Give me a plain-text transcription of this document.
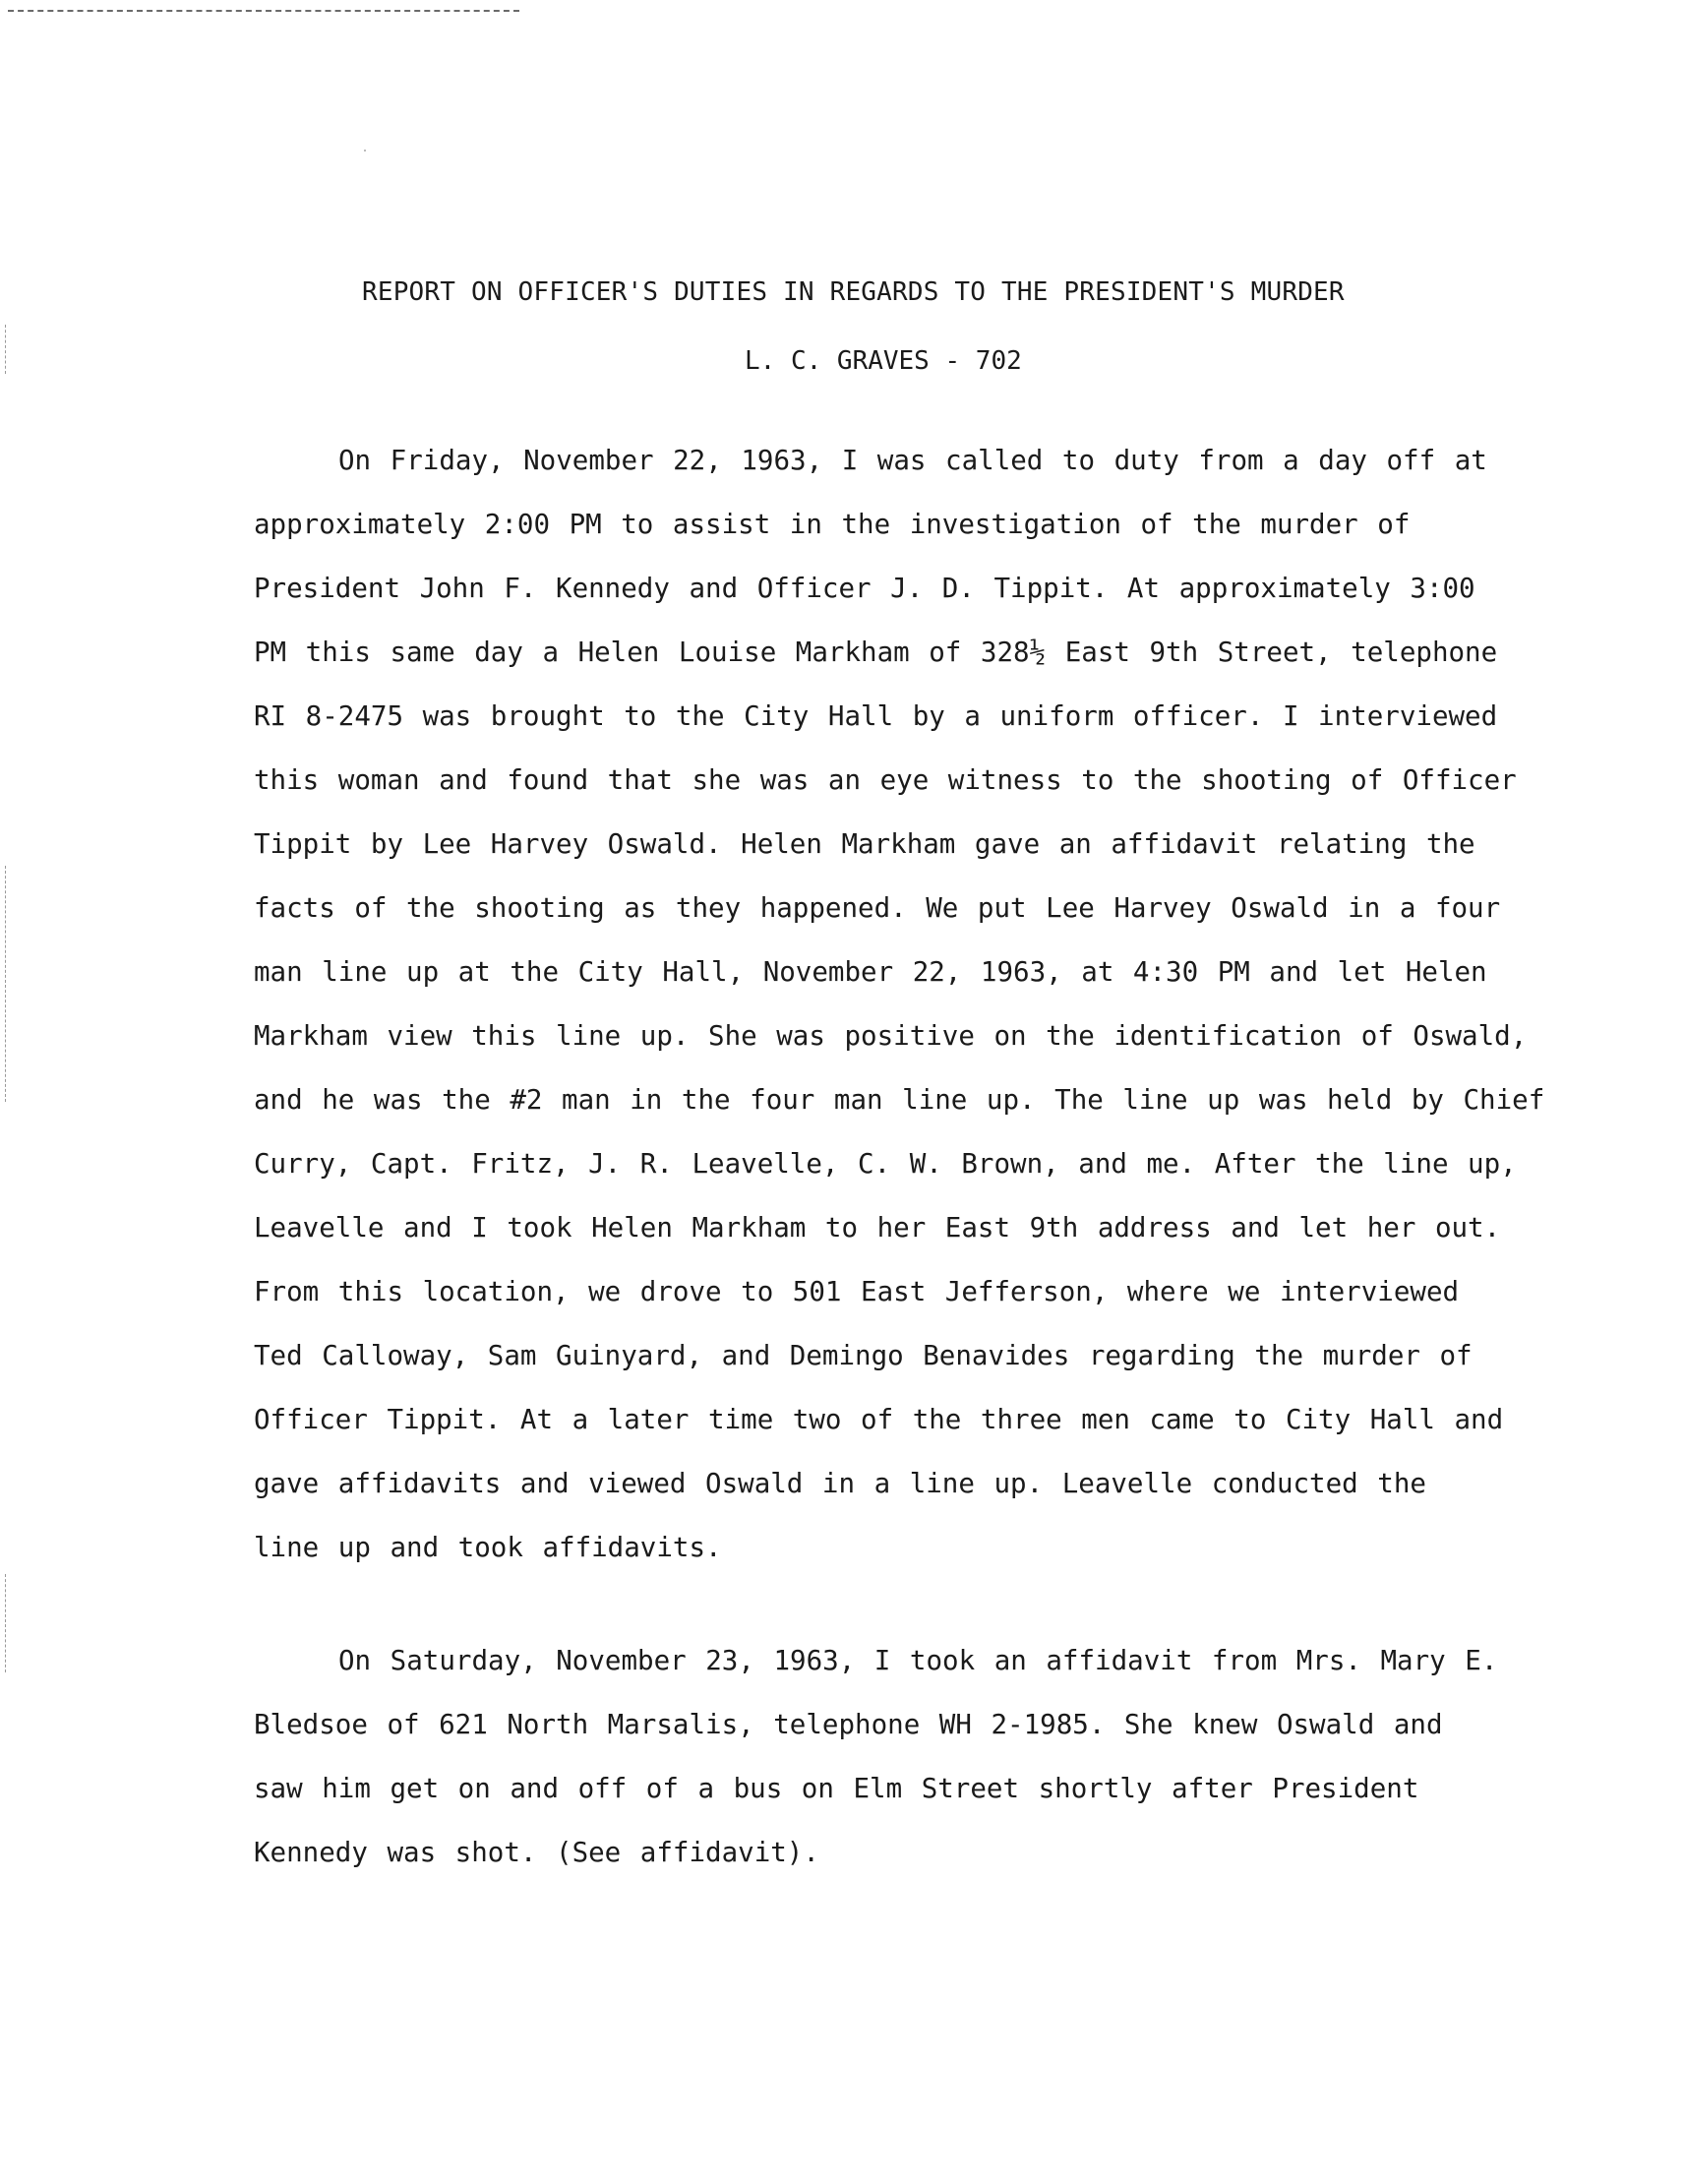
REPORT ON OFFICER'S DUTIES IN REGARDS TO THE PRESIDENT'S MURDER
L. C. GRAVES - 702
On Friday, November 22, 1963, I was called to duty from a day off at
approximately 2:00 PM to assist in the investigation of the murder of
President John F. Kennedy and Officer J. D. Tippit. At approximately 3:00
PM this same day a Helen Louise Markham of 328½ East 9th Street, telephone
RI 8-2475 was brought to the City Hall by a uniform officer. I interviewed
this woman and found that she was an eye witness to the shooting of Officer
Tippit by Lee Harvey Oswald. Helen Markham gave an affidavit relating the
facts of the shooting as they happened. We put Lee Harvey Oswald in a four
man line up at the City Hall, November 22, 1963, at 4:30 PM and let Helen
Markham view this line up. She was positive on the identification of Oswald,
and he was the #2 man in the four man line up. The line up was held by Chief
Curry, Capt. Fritz, J. R. Leavelle, C. W. Brown, and me. After the line up,
Leavelle and I took Helen Markham to her East 9th address and let her out.
From this location, we drove to 501 East Jefferson, where we interviewed
Ted Calloway, Sam Guinyard, and Demingo Benavides regarding the murder of
Officer Tippit. At a later time two of the three men came to City Hall and
gave affidavits and viewed Oswald in a line up. Leavelle conducted the
line up and took affidavits.
On Saturday, November 23, 1963, I took an affidavit from Mrs. Mary E.
Bledsoe of 621 North Marsalis, telephone WH 2-1985. She knew Oswald and
saw him get on and off of a bus on Elm Street shortly after President
Kennedy was shot. (See affidavit).
